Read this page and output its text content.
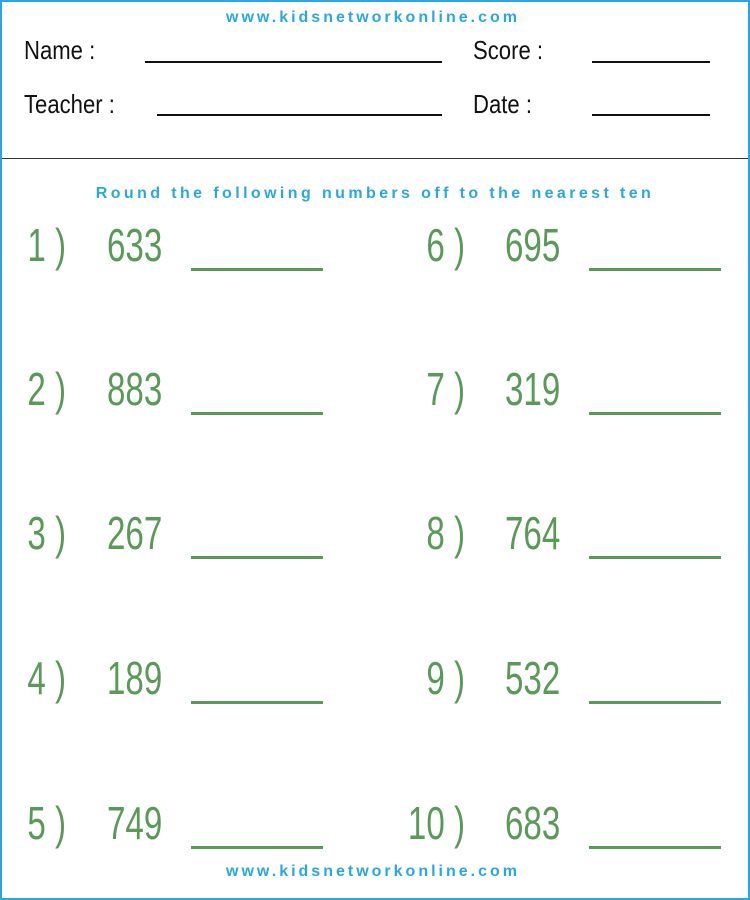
www.kidsnetworkonline.com
Name :	Score :
Teacher :	Date :
Round the following numbers off to the nearest ten
1 ) 633
2 ) 883
3 ) 267
4 ) 189
5 ) 749
6 ) 695
7 ) 319
8 ) 764
9 ) 532
10 ) 683
www.kidsnetworkonline.com
